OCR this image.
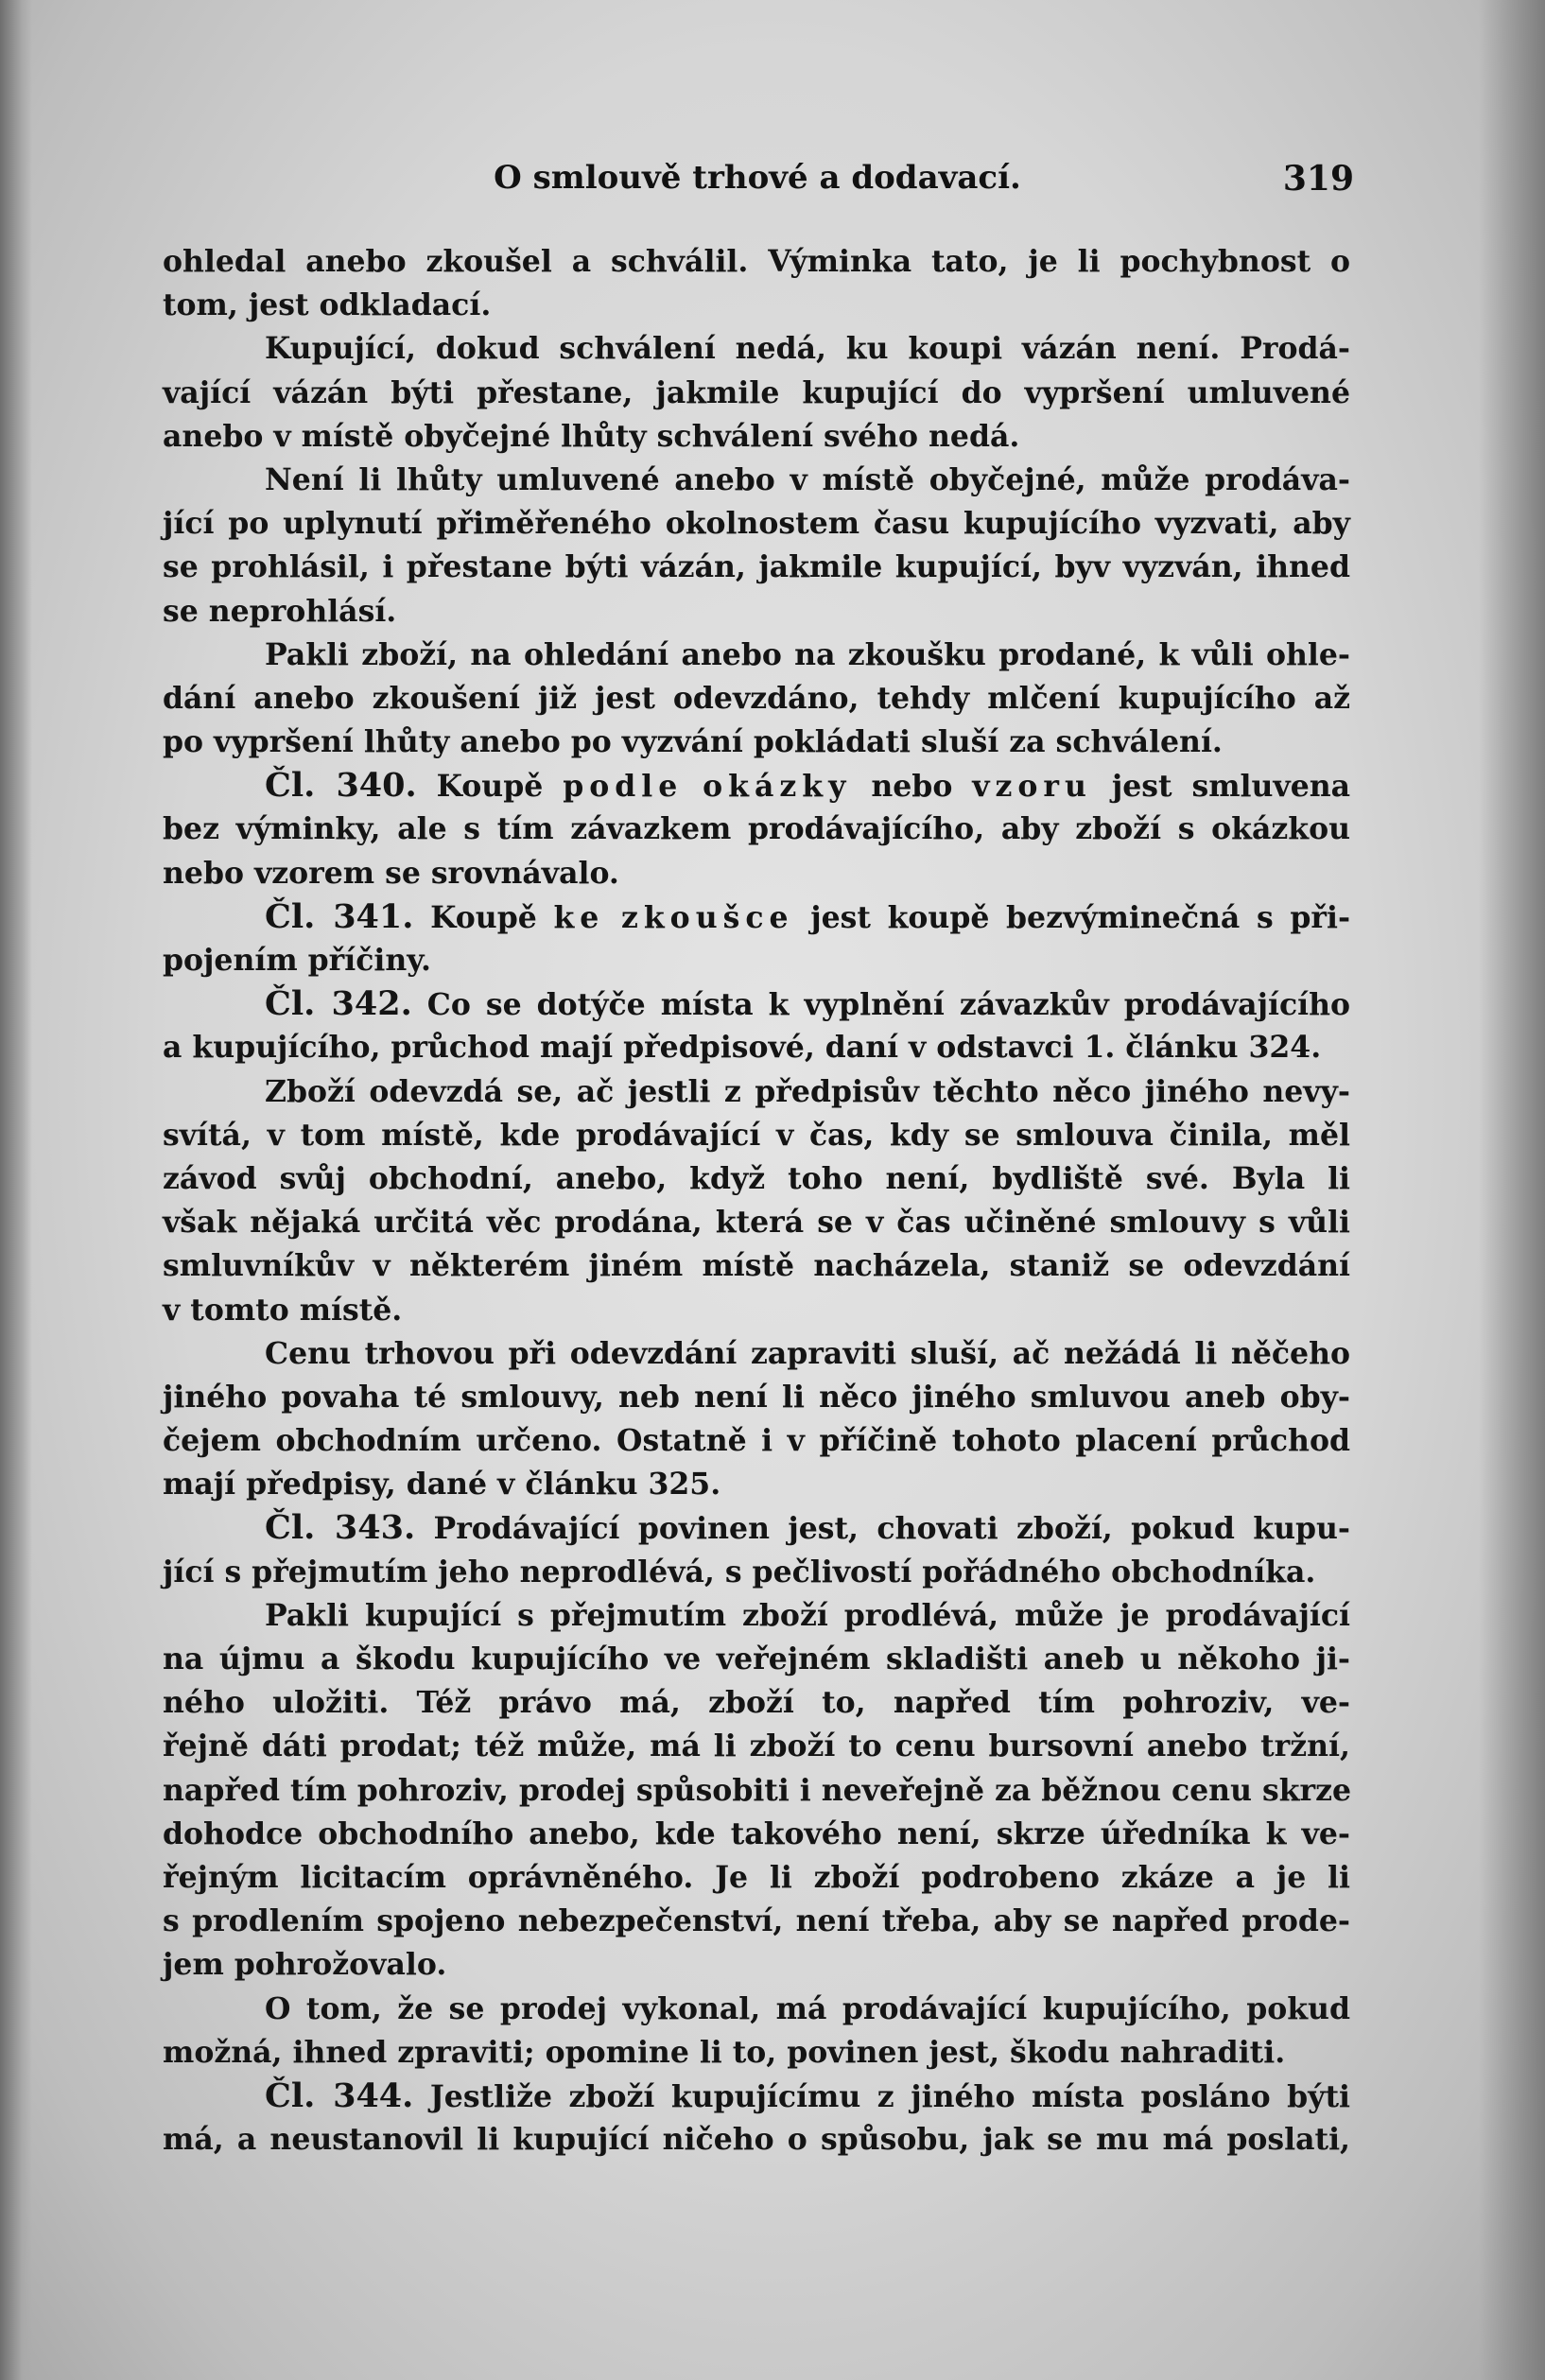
O smlouvě trhové a dodavací.	319
ohledal anebo zkoušel a schválil. Výminka tato, je li pochybnost o
tom, jest odkladací.
Kupující, dokud schválení nedá, ku koupi vázán není. Prodá-
vající vázán býti přestane, jakmile kupující do vypršení umluvené
anebo v místě obyčejné lhůty schválení svého nedá.
Není li lhůty umluvené anebo v místě obyčejné, může prodáva-
jící po uplynutí přiměřeného okolnostem času kupujícího vyzvati, aby
se prohlásil, i přestane býti vázán, jakmile kupující, byv vyzván, ihned
se neprohlásí.
Pakli zboží, na ohledání anebo na zkoušku prodané, k vůli ohle-
dání anebo zkoušení již jest odevzdáno, tehdy mlčení kupujícího až
po vypršení lhůty anebo po vyzvání pokládati sluší za schválení.
Čl. 340. Koupě podle okázky nebo vzoru jest smluvena
bez výminky, ale s tím závazkem prodávajícího, aby zboží s okázkou
nebo vzorem se srovnávalo.
Čl. 341. Koupě ke zkoušce jest koupě bezvýminečná s při-
pojením příčiny.
Čl. 342. Co se dotýče místa k vyplnění závazkův prodávajícího
a kupujícího, průchod mají předpisové, daní v odstavci 1. článku 324.
Zboží odevzdá se, ač jestli z předpisův těchto něco jiného nevy-
svítá, v tom místě, kde prodávající v čas, kdy se smlouva činila, měl
závod svůj obchodní, anebo, když toho není, bydliště své. Byla li
však nějaká určitá věc prodána, která se v čas učiněné smlouvy s vůli
smluvníkův v některém jiném místě nacházela, staniž se odevzdání
v tomto místě.
Cenu trhovou při odevzdání zapraviti sluší, ač nežádá li něčeho
jiného povaha té smlouvy, neb není li něco jiného smluvou aneb oby-
čejem obchodním určeno. Ostatně i v příčině tohoto placení průchod
mají předpisy, dané v článku 325.
Čl. 343. Prodávající povinen jest, chovati zboží, pokud kupu-
jící s přejmutím jeho neprodlévá, s pečlivostí pořádného obchodníka.
Pakli kupující s přejmutím zboží prodlévá, může je prodávající
na újmu a škodu kupujícího ve veřejném skladišti aneb u někoho ji-
ného uložiti. Též právo má, zboží to, napřed tím pohroziv, ve-
řejně dáti prodat; též může, má li zboží to cenu bursovní anebo tržní,
napřed tím pohroziv, prodej spůsobiti i neveřejně za běžnou cenu skrze
dohodce obchodního anebo, kde takového není, skrze úředníka k ve-
řejným licitacím oprávněného. Je li zboží podrobeno zkáze a je li
s prodlením spojeno nebezpečenství, není třeba, aby se napřed prode-
jem pohrožovalo.
O tom, že se prodej vykonal, má prodávající kupujícího, pokud
možná, ihned zpraviti; opomine li to, povinen jest, škodu nahraditi.
Čl. 344. Jestliže zboží kupujícímu z jiného místa posláno býti
má, a neustanovil li kupující ničeho o spůsobu, jak se mu má poslati,
